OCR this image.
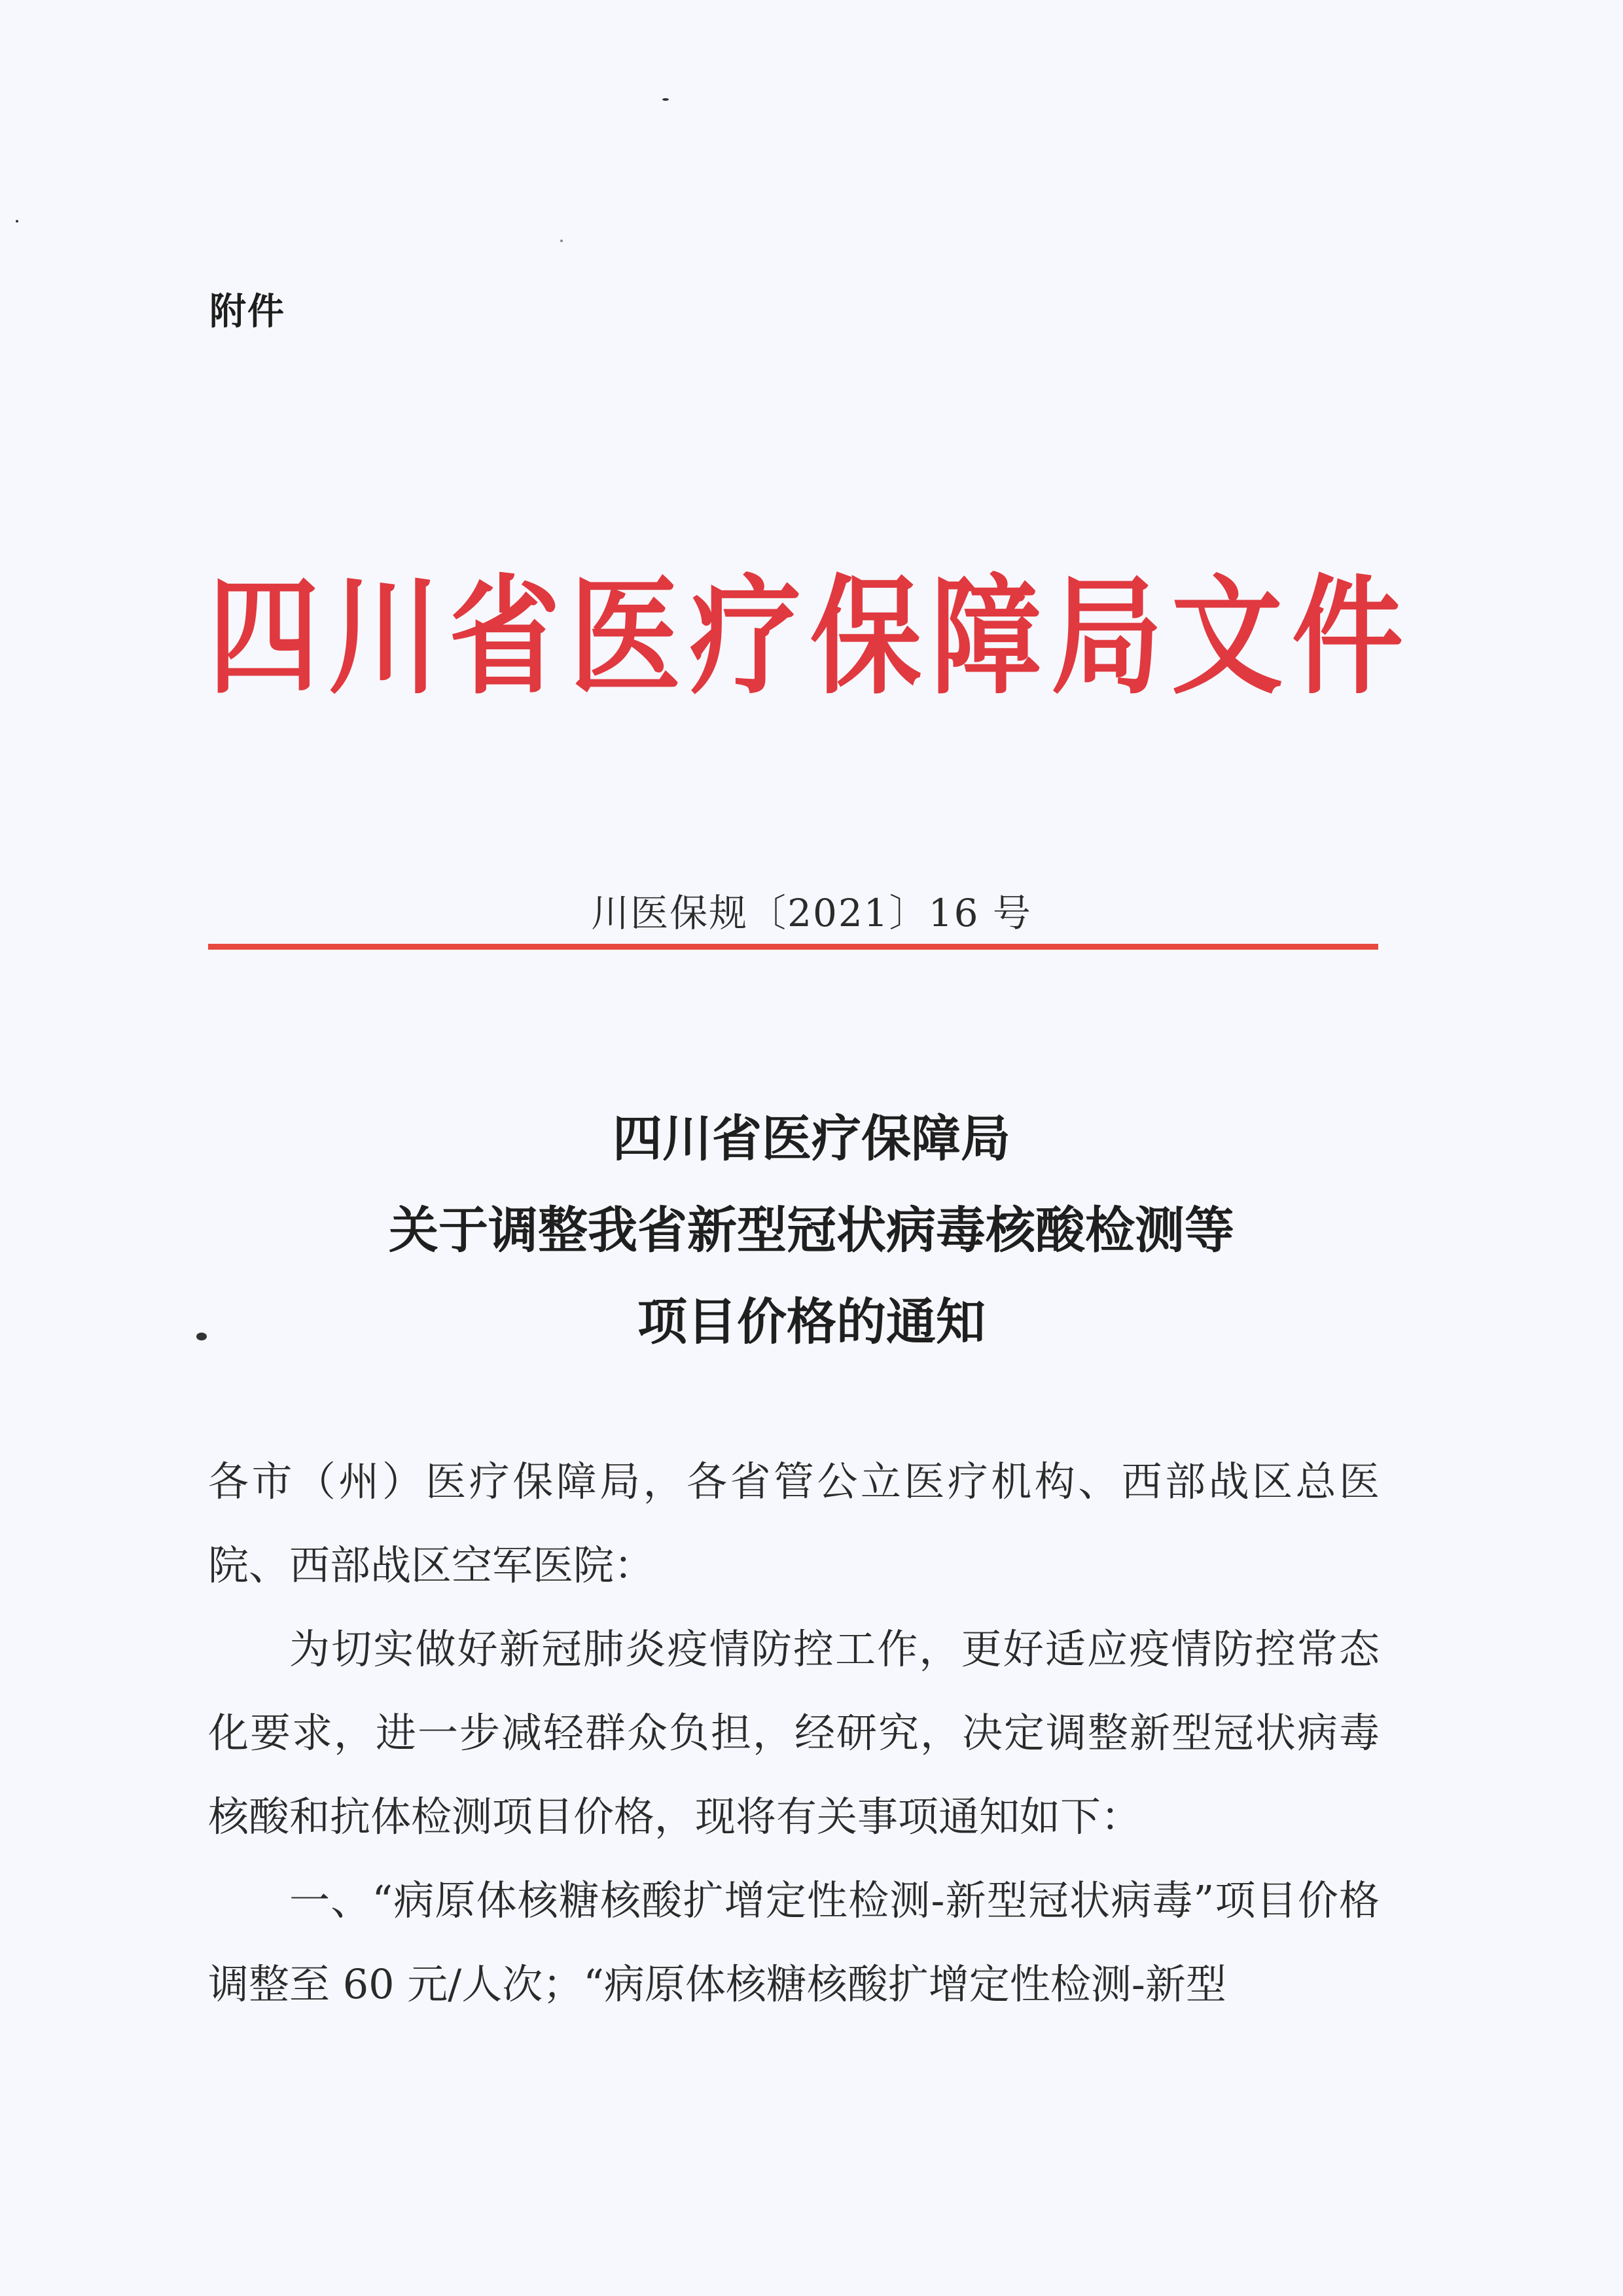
附件
四川省医疗保障局文件
川医保规〔2021〕16 号
四川省医疗保障局
关于调整我省新型冠状病毒核酸检测等
项目价格的通知

各市（州）医疗保障局，各省管公立医疗机构、西部战区总医院、西部战区空军医院：

为切实做好新冠肺炎疫情防控工作，更好适应疫情防控常态化要求，进一步减轻群众负担，经研究，决定调整新型冠状病毒核酸和抗体检测项目价格，现将有关事项通知如下：

一、“病原体核糖核酸扩增定性检测-新型冠状病毒”项目价格调整至 60 元/人次；“病原体核糖核酸扩增定性检测-新型
